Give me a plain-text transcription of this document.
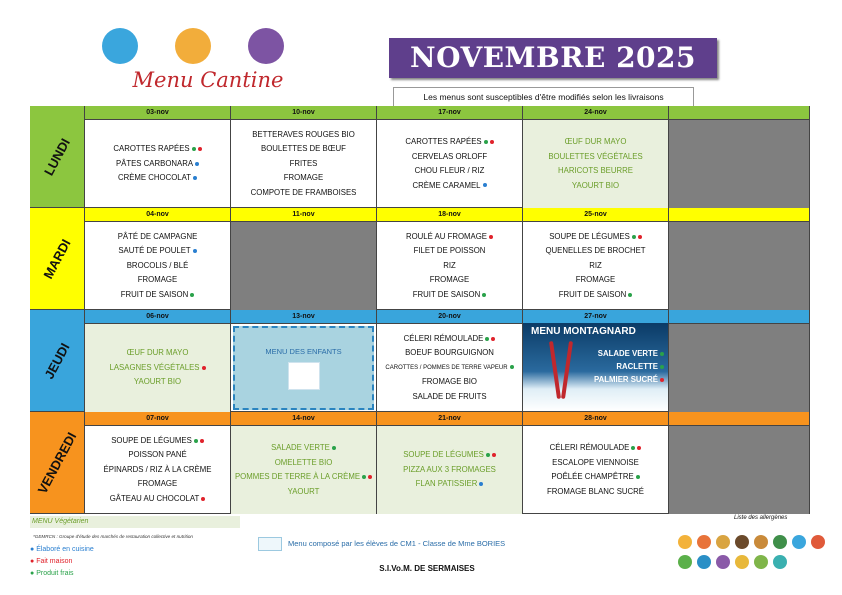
Menu Cantine
NOVEMBRE 2025
Les menus sont susceptibles d'être modifiés selon les livraisons
LUNDI
03-nov
CAROTTES RAPÉES
PÂTES CARBONARA
CRÈME CHOCOLAT
10-nov
BETTERAVES ROUGES BIO
BOULETTES DE BŒUF
FRITES
FROMAGE
COMPOTE DE FRAMBOISES
17-nov
CAROTTES RAPÉES
CERVELAS ORLOFF
CHOU FLEUR / RIZ
CRÈME CARAMEL
24-nov
ŒUF DUR MAYO
BOULETTES VÉGÉTALES
HARICOTS BEURRE
YAOURT BIO
MARDI
04-nov
PÂTÉ DE CAMPAGNE
SAUTÉ DE POULET
BROCOLIS / BLÉ
FROMAGE
FRUIT DE SAISON
11-nov	18-nov
ROULÉ AU FROMAGE
FILET DE POISSON
RIZ
FROMAGE
FRUIT DE SAISON
25-nov
SOUPE DE LÉGUMES
QUENELLES DE BROCHET
RIZ
FROMAGE
FRUIT DE SAISON
JEUDI
06-nov
ŒUF DUR MAYO
LASAGNES VÉGÉTALES
YAOURT BIO
13-nov
MENU DES ENFANTS
20-nov
CÉLERI RÉMOULADE
BOEUF BOURGUIGNON
CAROTTES / POMMES DE TERRE VAPEUR
FROMAGE BIO
SALADE DE FRUITS
27-nov
MENU MONTAGNARD
SALADE VERTE
RACLETTE
PALMIER SUCRÉ
VENDREDI
07-nov
SOUPE DE LÉGUMES
POISSON PANÉ
ÉPINARDS / RIZ À LA CRÈME
FROMAGE
GÂTEAU AU CHOCOLAT
14-nov
SALADE VERTE
OMELETTE BIO
POMMES DE TERRE À LA CRÈME
YAOURT
21-nov
SOUPE DE LÉGUMES
PIZZA AUX 3 FROMAGES
FLAN PATISSIER
28-nov
CÉLERI RÉMOULADE
ESCALOPE VIENNOISE
POÊLÉE CHAMPÊTRE
FROMAGE BLANC SUCRÉ
MENU Végétarien
*GEMRCN : Groupe d'étude des marchés de restauration collective et nutrition
● Élaboré en cuisine
● Fait maison
● Produit frais
Menu composé par les élèves de CM1 - Classe de Mme BORIES
S.I.Vo.M. DE SERMAISES
Liste des allergènes
